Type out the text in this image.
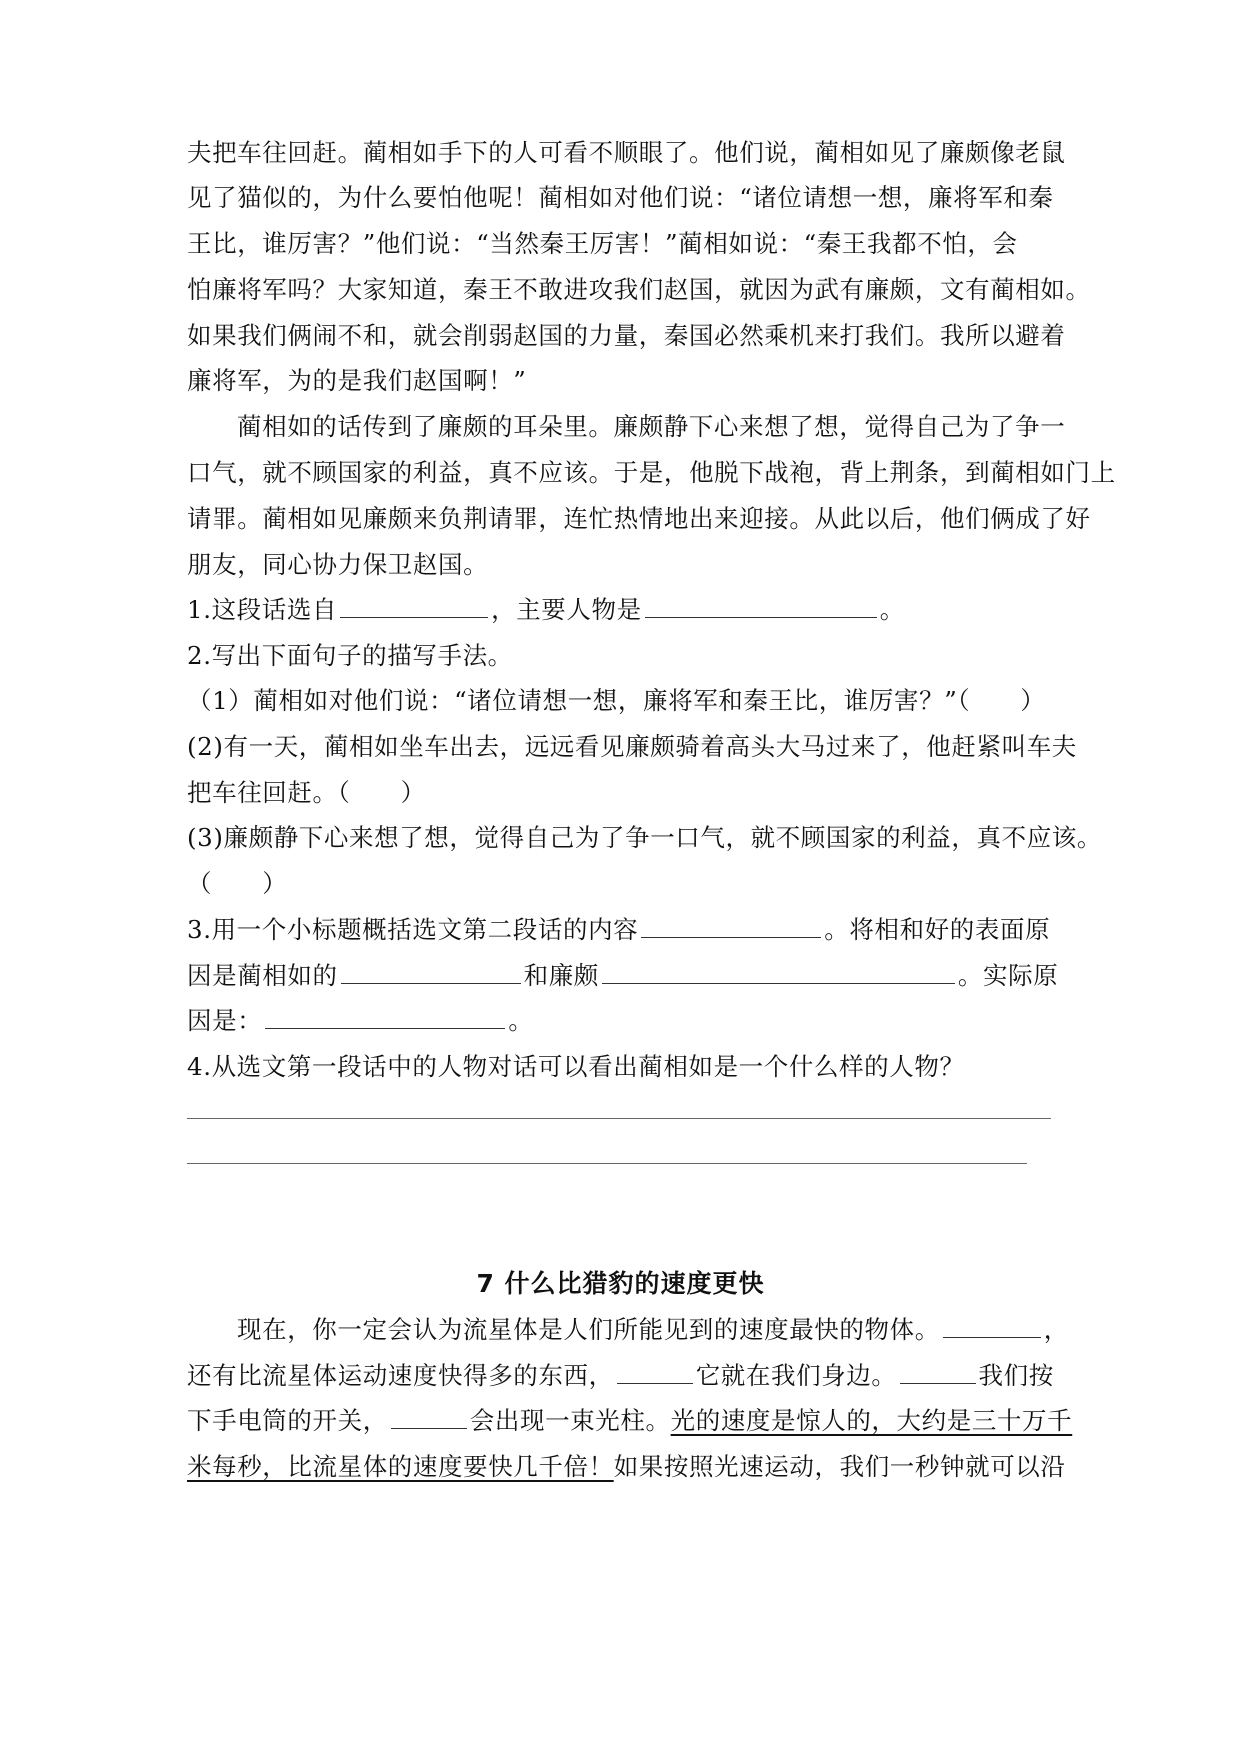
夫把车往回赶。蔺相如手下的人可看不顺眼了。他们说，蔺相如见了廉颇像老鼠
见了猫似的，为什么要怕他呢！蔺相如对他们说：“诸位请想一想，廉将军和秦
王比，谁厉害？”他们说：“当然秦王厉害！”蔺相如说：“秦王我都不怕，会
怕廉将军吗？大家知道，秦王不敢进攻我们赵国，就因为武有廉颇，文有蔺相如。
如果我们俩闹不和，就会削弱赵国的力量，秦国必然乘机来打我们。我所以避着
廉将军，为的是我们赵国啊！”
蔺相如的话传到了廉颇的耳朵里。廉颇静下心来想了想，觉得自己为了争一
口气，就不顾国家的利益，真不应该。于是，他脱下战袍，背上荆条，到蔺相如门上
请罪。蔺相如见廉颇来负荆请罪，连忙热情地出来迎接。从此以后，他们俩成了好
朋友，同心协力保卫赵国。
1.这段话选自	，主要人物是	。
2.写出下面句子的描写手法。
（1）蔺相如对他们说：“诸位请想一想，廉将军和秦王比，谁厉害？”（　　）
(2)有一天，蔺相如坐车出去，远远看见廉颇骑着高头大马过来了，他赶紧叫车夫
把车往回赶。（　　）
(3)廉颇静下心来想了想，觉得自己为了争一口气，就不顾国家的利益，真不应该。
（　　）
3.用一个小标题概括选文第二段话的内容	。将相和好的表面原
因是蔺相如的	和廉颇	。实际原
因是：	。
4.从选文第一段话中的人物对话可以看出蔺相如是一个什么样的人物？
7 什么比猎豹的速度更快
现在，你一定会认为流星体是人们所能见到的速度最快的物体。	，
还有比流星体运动速度快得多的东西，	它就在我们身边。	我们按
下手电筒的开关，	会出现一束光柱。光的速度是惊人的，大约是三十万千
米每秒，比流星体的速度要快几千倍！如果按照光速运动，我们一秒钟就可以沿
